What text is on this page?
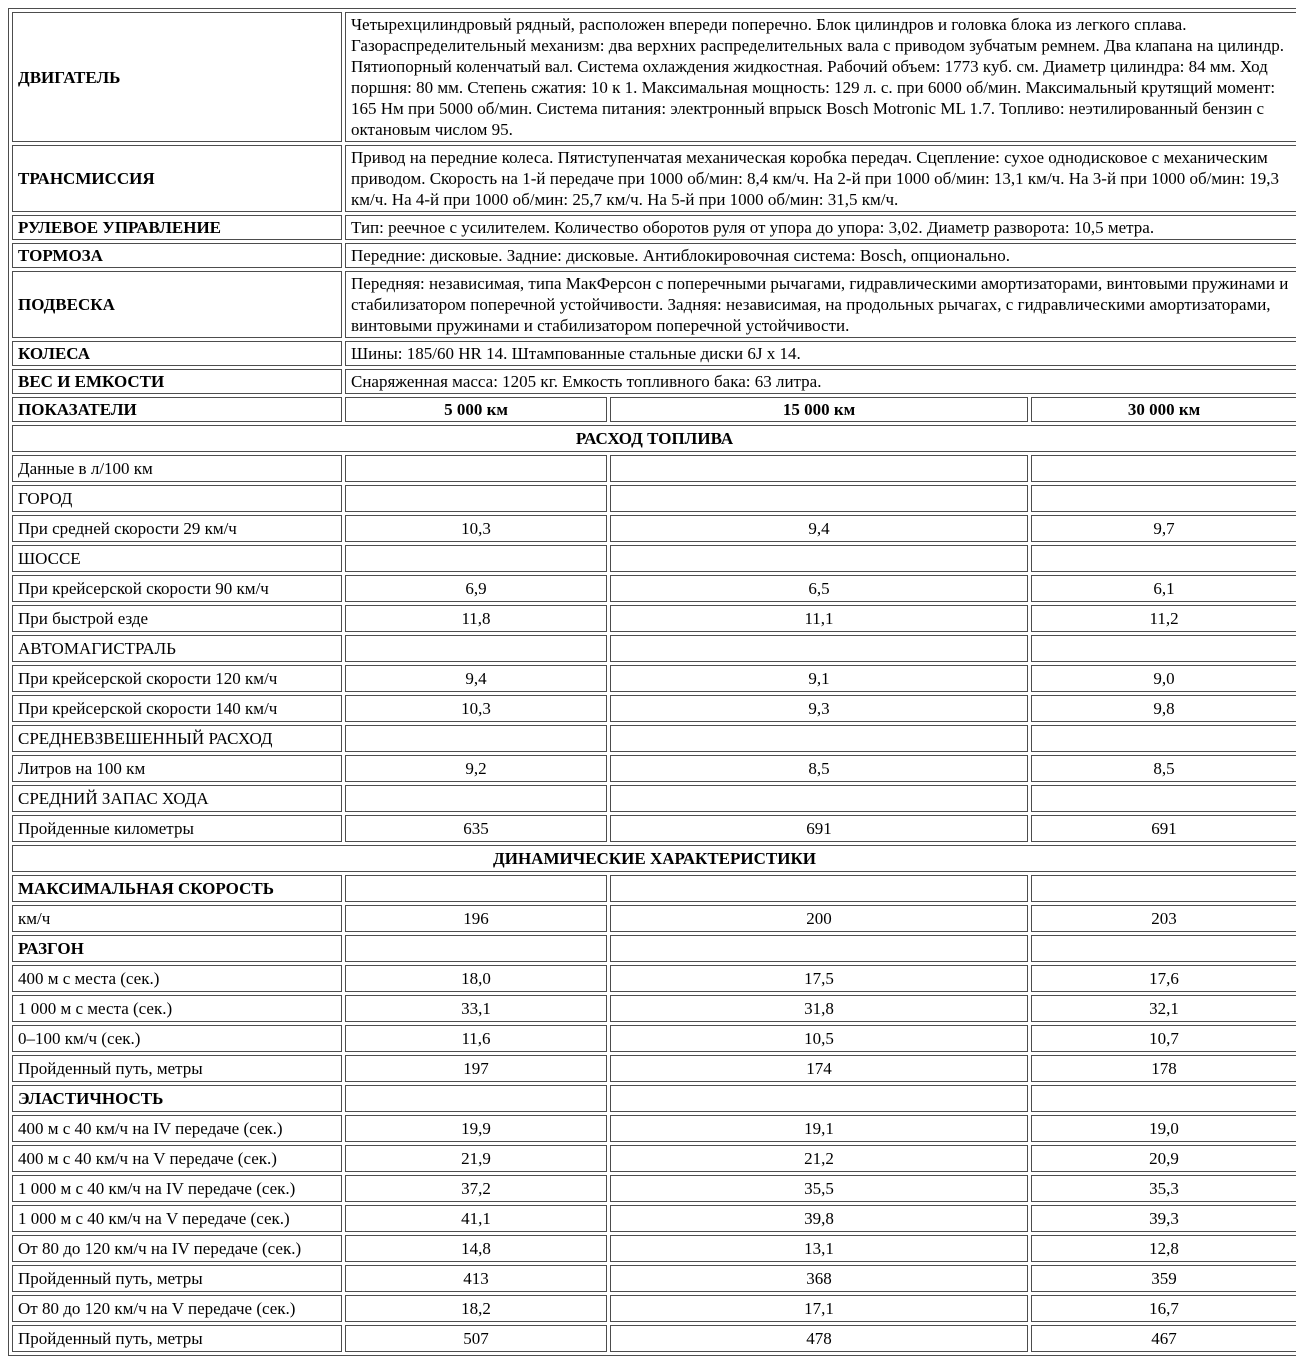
ДВИГАТЕЛЬ	Четырехцилиндровый рядный, расположен впереди поперечно. Блок цилиндров и головка блока из легкого сплава. Газораспределительный механизм: два верхних распределительных вала с приводом зубчатым ремнем. Два клапана на цилиндр. Пятиопорный коленчатый вал. Система охлаждения жидкостная. Рабочий объем: 1773 куб. см. Диаметр цилиндра: 84 мм. Ход поршня: 80 мм. Степень сжатия: 10 к 1. Максимальная мощность: 129 л. с. при 6000 об/мин. Максимальный крутящий момент: 165 Нм при 5000 об/мин. Система питания: электронный впрыск Bosch Motronic ML 1.7. Топливо: неэтилированный бензин с октановым числом 95.		
ТРАНСМИССИЯ	Привод на передние колеса. Пятиступенчатая механическая коробка передач. Сцепление: сухое однодисковое с механическим приводом. Скорость на 1-й передаче при 1000 об/мин: 8,4 км/ч. На 2-й при 1000 об/мин: 13,1 км/ч. На 3-й при 1000 об/мин: 19,3 км/ч. На 4-й при 1000 об/мин: 25,7 км/ч. На 5-й при 1000 об/мин: 31,5 км/ч.		
РУЛЕВОЕ УПРАВЛЕНИЕ	Тип: реечное с усилителем. Количество оборотов руля от упора до упора: 3,02. Диаметр разворота: 10,5 метра.		
ТОРМОЗА	Передние: дисковые. Задние: дисковые. Антиблокировочная система: Bosch, опционально.		
ПОДВЕСКА	Передняя: независимая, типа МакФерсон с поперечными рычагами, гидравлическими амортизаторами, винтовыми пружинами и стабилизатором поперечной устойчивости. Задняя: независимая, на продольных рычагах, с гидравлическими амортизаторами, винтовыми пружинами и стабилизатором поперечной устойчивости.		
КОЛЕСА	Шины: 185/60 HR 14. Штампованные стальные диски 6J x 14.		
ВЕС И ЕМКОСТИ	Снаряженная масса: 1205 кг. Емкость топливного бака: 63 литра.		
ПОКАЗАТЕЛИ	5 000 км	15 000 км	30 000 км
РАСХОД ТОПЛИВА			
Данные в л/100 км			
ГОРОД			
При средней скорости 29 км/ч	10,3	9,4	9,7
ШОССЕ			
При крейсерской скорости 90 км/ч	6,9	6,5	6,1
При быстрой езде	11,8	11,1	11,2
АВТОМАГИСТРАЛЬ			
При крейсерской скорости 120 км/ч	9,4	9,1	9,0
При крейсерской скорости 140 км/ч	10,3	9,3	9,8
СРЕДНЕВЗВЕШЕННЫЙ РАСХОД			
Литров на 100 км	9,2	8,5	8,5
СРЕДНИЙ ЗАПАС ХОДА			
Пройденные километры	635	691	691
ДИНАМИЧЕСКИЕ ХАРАКТЕРИСТИКИ			
МАКСИМАЛЬНАЯ СКОРОСТЬ			
км/ч	196	200	203
РАЗГОН			
400 м с места (сек.)	18,0	17,5	17,6
1 000 м с места (сек.)	33,1	31,8	32,1
0–100 км/ч (сек.)	11,6	10,5	10,7
Пройденный путь, метры	197	174	178
ЭЛАСТИЧНОСТЬ			
400 м с 40 км/ч на IV передаче (сек.)	19,9	19,1	19,0
400 м с 40 км/ч на V передаче (сек.)	21,9	21,2	20,9
1 000 м с 40 км/ч на IV передаче (сек.)	37,2	35,5	35,3
1 000 м с 40 км/ч на V передаче (сек.)	41,1	39,8	39,3
От 80 до 120 км/ч на IV передаче (сек.)	14,8	13,1	12,8
Пройденный путь, метры	413	368	359
От 80 до 120 км/ч на V передаче (сек.)	18,2	17,1	16,7
Пройденный путь, метры	507	478	467
